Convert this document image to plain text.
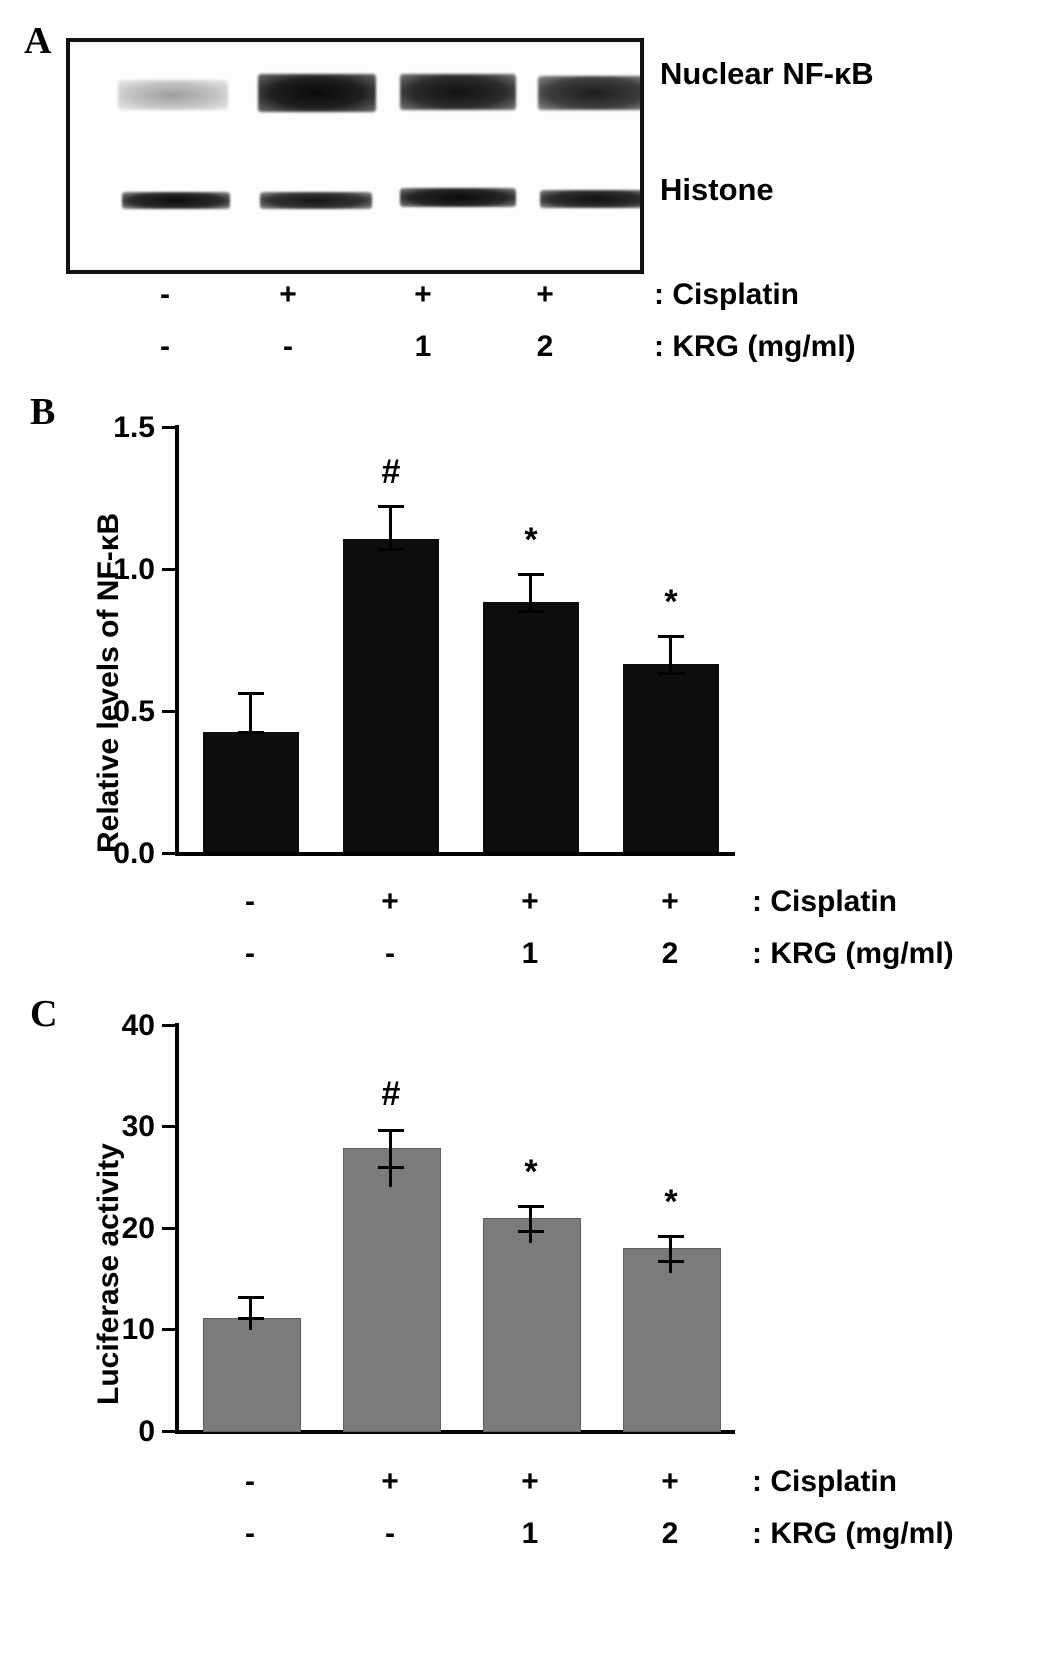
A
Nuclear NF-κB
Histone
-	+	+	+	: Cisplatin
-	-	1	2	: KRG (mg/ml)
B
Relative levels of NF-κB
0.0
0.5
1.0
1.5
#
*
*
-	+	+	+ : Cisplatin
-	-	1	2 : KRG (mg/ml)
C
Luciferase activity
0
10
20
30
40
#
*
*
-	+	+	+ : Cisplatin
-	-	1	2 : KRG (mg/ml)
